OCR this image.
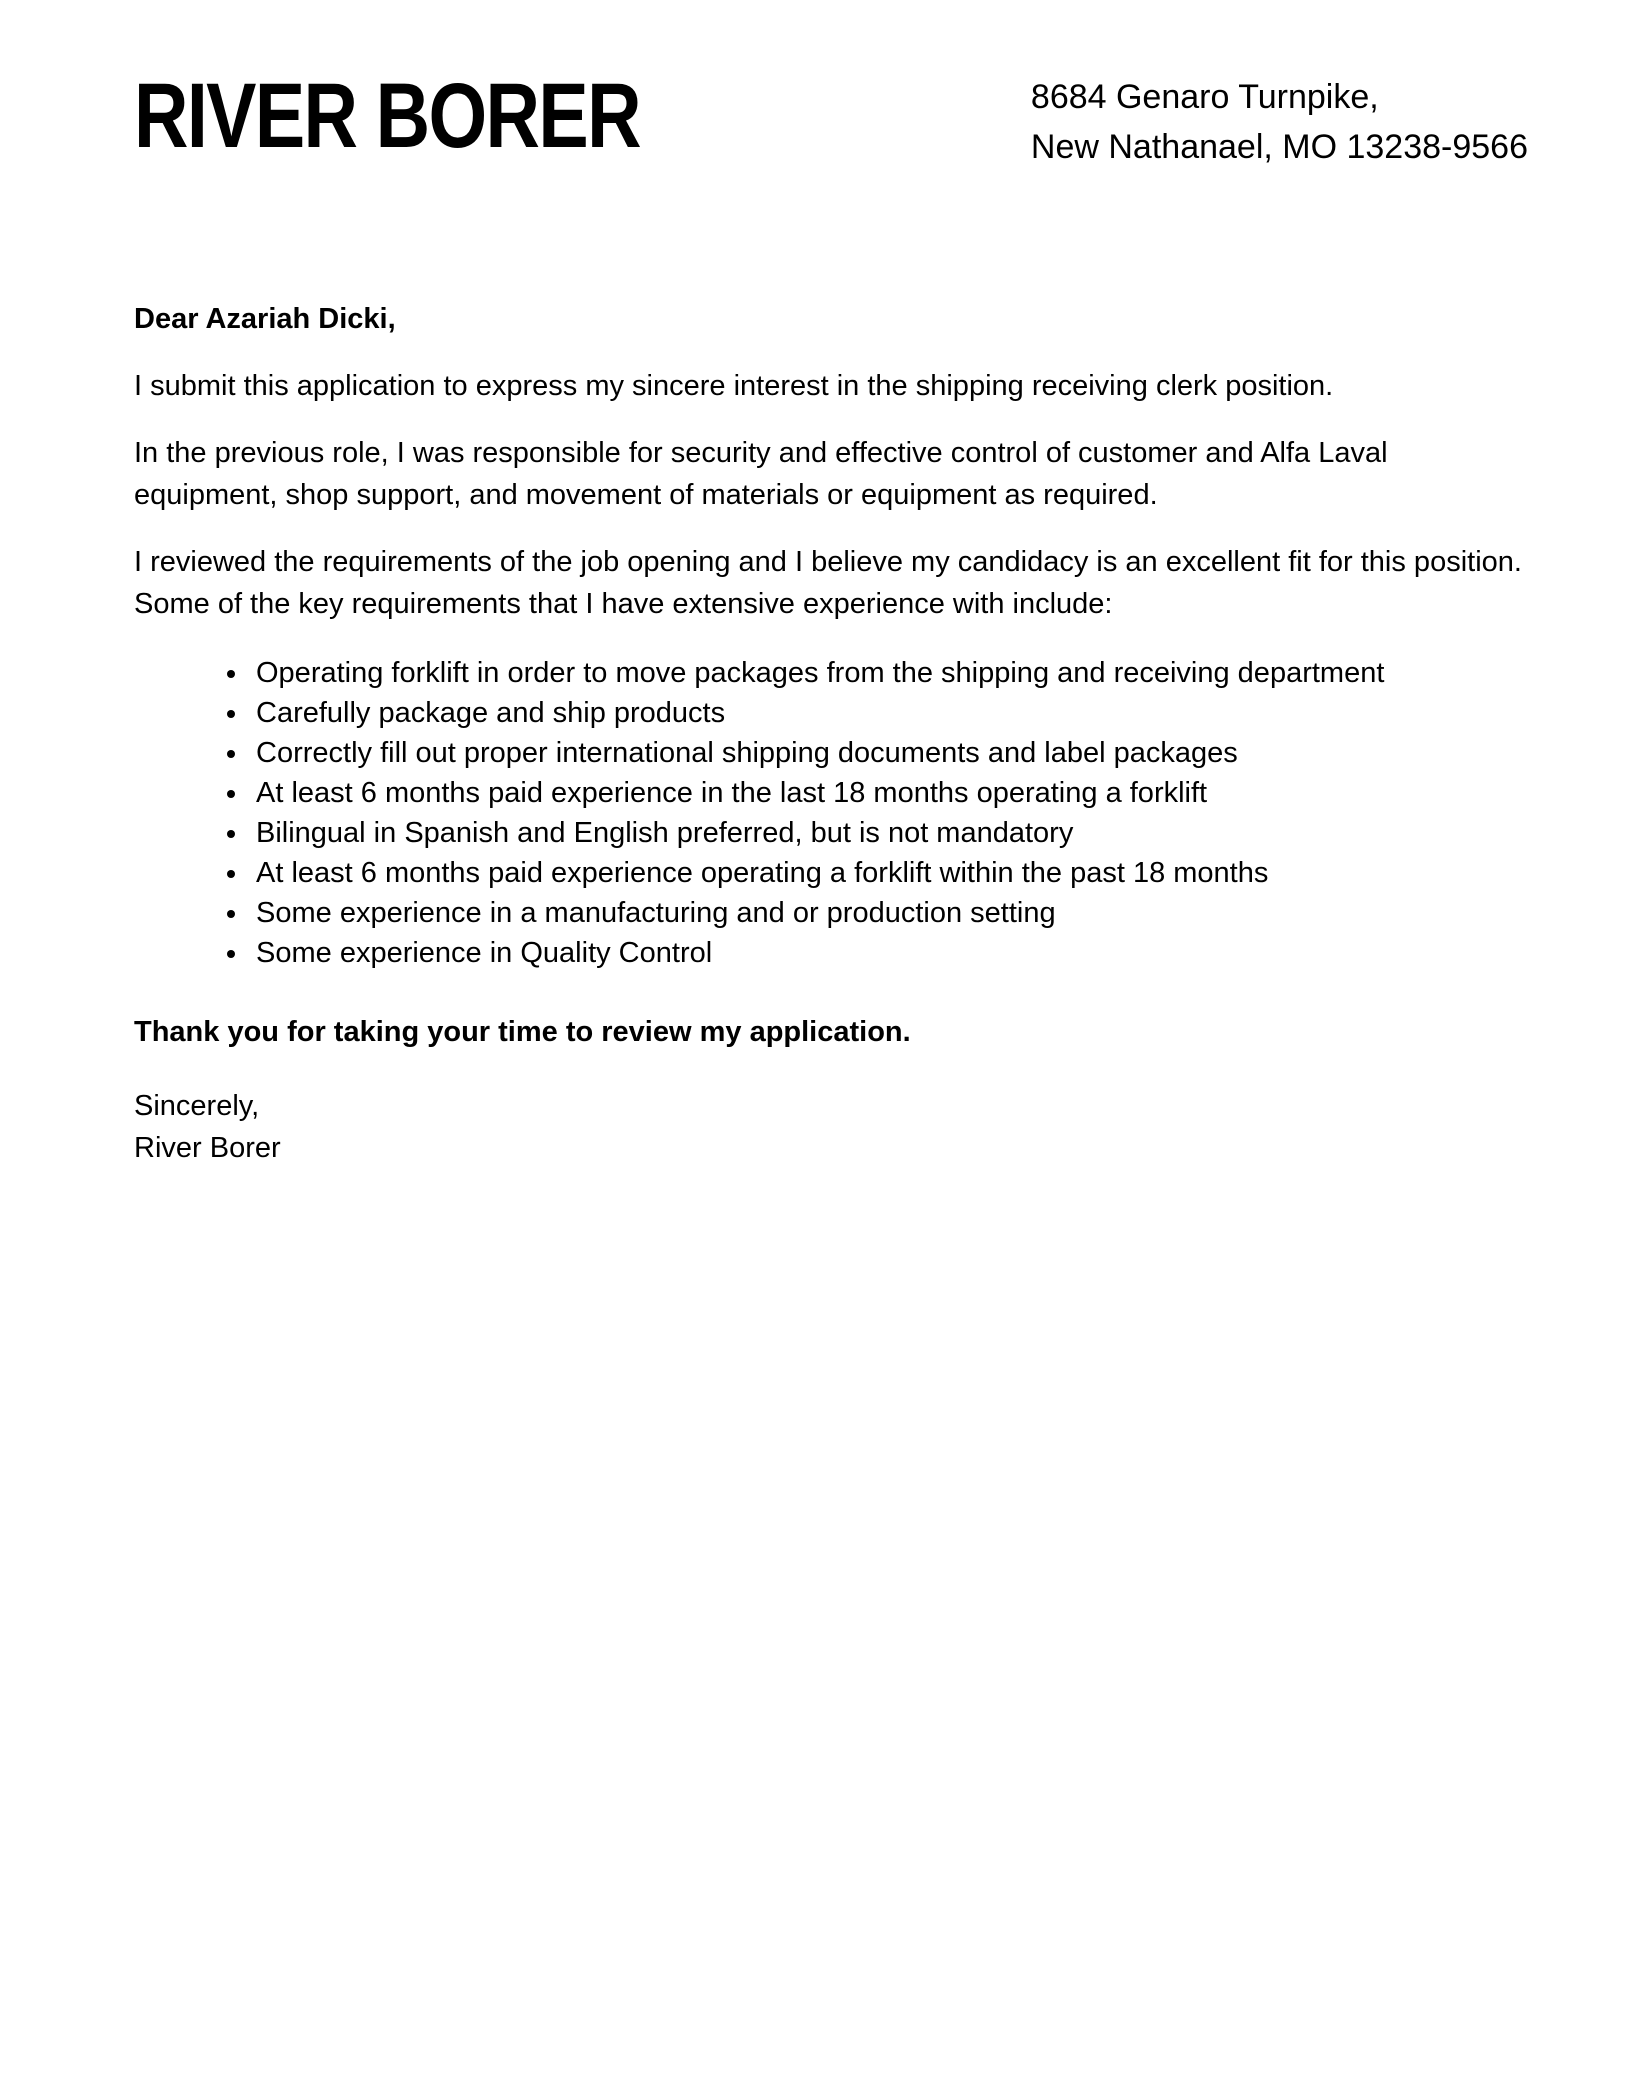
RIVER BORER	8684 Genaro Turnpike,
New Nathanael, MO 13238-9566
Dear Azariah Dicki,

I submit this application to express my sincere interest in the shipping receiving clerk position.

In the previous role, I was responsible for security and effective control of customer and Alfa Laval equipment, shop support, and movement of materials or equipment as required.

I reviewed the requirements of the job opening and I believe my candidacy is an excellent fit for this position. Some of the key requirements that I have extensive experience with include:

• Operating forklift in order to move packages from the shipping and receiving department
• Carefully package and ship products
• Correctly fill out proper international shipping documents and label packages
• At least 6 months paid experience in the last 18 months operating a forklift
• Bilingual in Spanish and English preferred, but is not mandatory
• At least 6 months paid experience operating a forklift within the past 18 months
• Some experience in a manufacturing and or production setting
• Some experience in Quality Control
Thank you for taking your time to review my application.
Sincerely,
River Borer
